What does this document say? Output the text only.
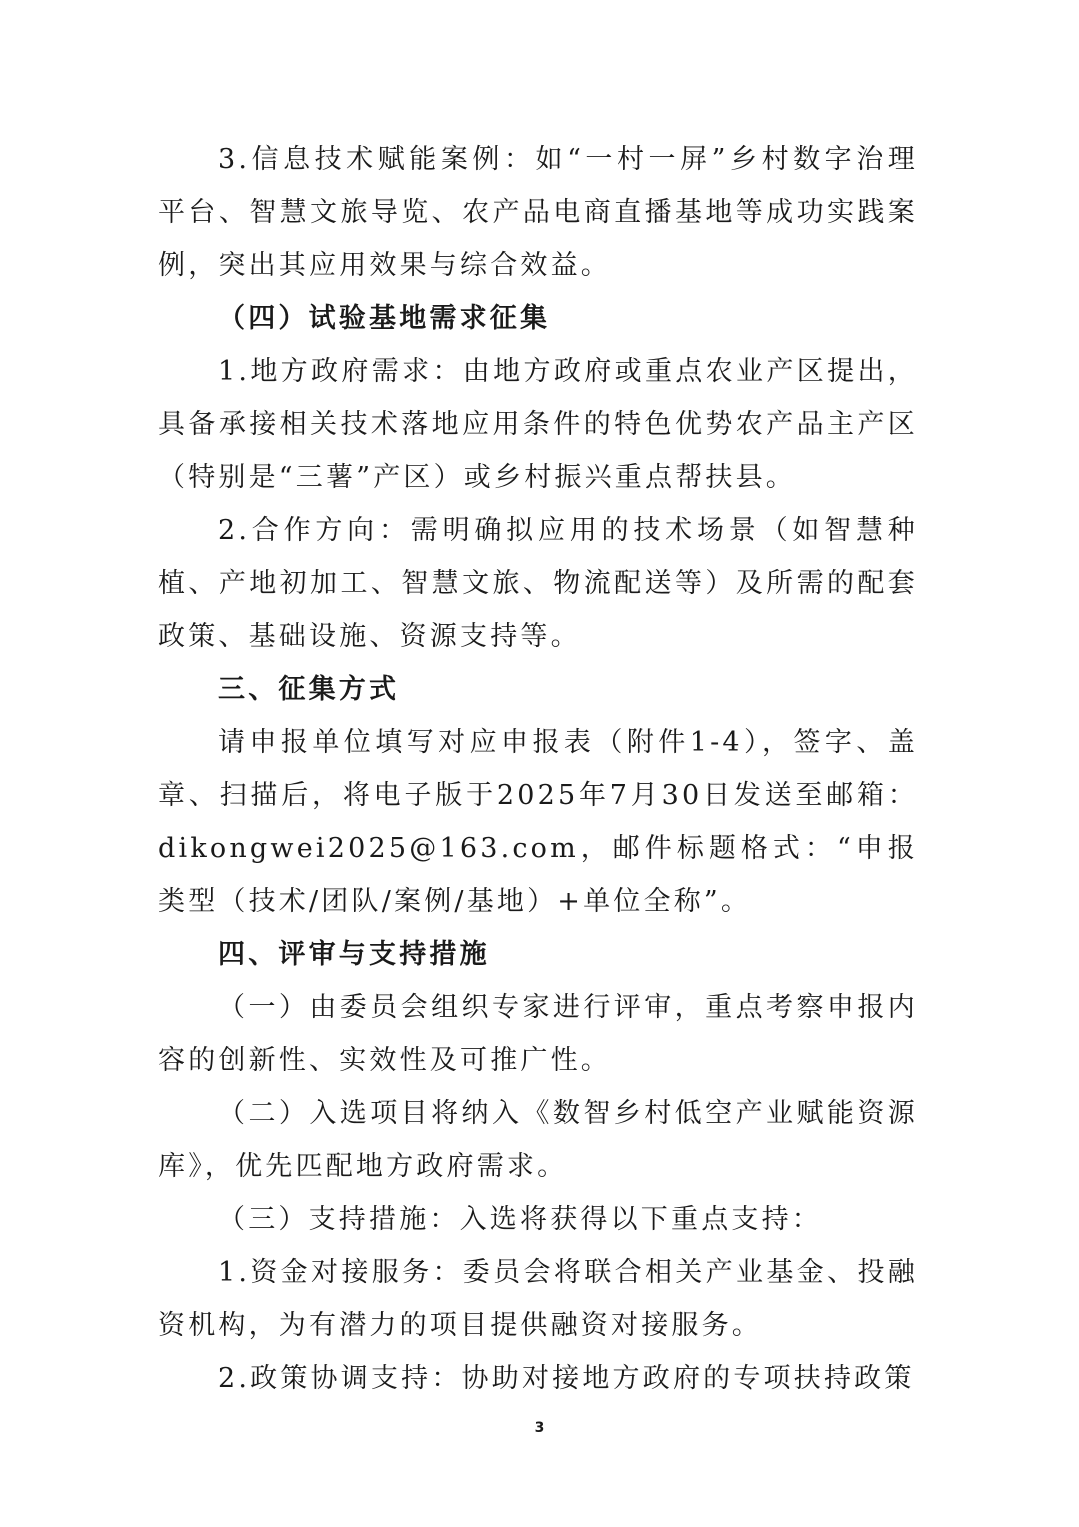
3.信息技术赋能案例：如“一村一屏”乡村数字治理平台、智慧文旅导览、农产品电商直播基地等成功实践案例，突出其应用效果与综合效益。

（四）试验基地需求征集

1.地方政府需求：由地方政府或重点农业产区提出，具备承接相关技术落地应用条件的特色优势农产品主产区（特别是“三薯”产区）或乡村振兴重点帮扶县。

2.合作方向：需明确拟应用的技术场景（如智慧种植、产地初加工、智慧文旅、物流配送等）及所需的配套政策、基础设施、资源支持等。

三、征集方式

请申报单位填写对应申报表（附件1-4），签字、盖章、扫描后，将电子版于2025年7月30日发送至邮箱：dikongwei2025@163.com，邮件标题格式：“申报类型（技术/团队/案例/基地）+单位全称”。

四、评审与支持措施

（一）由委员会组织专家进行评审，重点考察申报内容的创新性、实效性及可推广性。

（二）入选项目将纳入《数智乡村低空产业赋能资源库》，优先匹配地方政府需求。

（三）支持措施：入选将获得以下重点支持：

1.资金对接服务：委员会将联合相关产业基金、投融资机构，为有潜力的项目提供融资对接服务。

2.政策协调支持：协助对接地方政府的专项扶持政策

3
